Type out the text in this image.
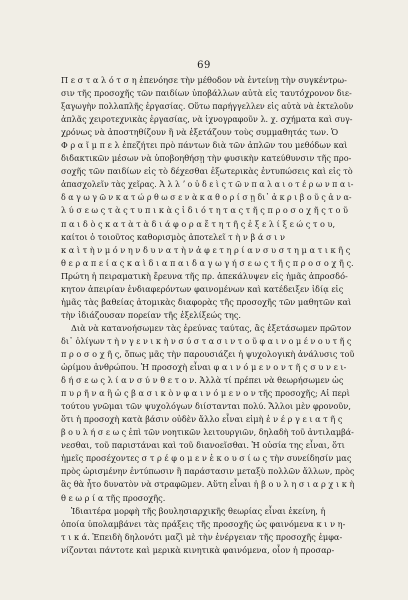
69
Π ε σ τ α λ ό τ σ η ἐπενόησε τὴν μέθοδον νὰ ἐντείνῃ τὴν συγκέντρω-
σιν τῆς προσοχῆς τῶν παιδίων ὑποβάλλων αὐτὰ εἰς ταυτόχρονον διε-
ξαγωγὴν πολλαπλῆς ἐργασίας. Οὕτω παρήγγελλεν εἰς αὐτὰ νὰ ἐκτελοῦν
ἁπλᾶς χειροτεχνικὰς ἐργασίας, νὰ ἰχνογραφοῦν λ. χ. σχήματα καὶ συγ-
χρόνως νὰ ἀποστηθίζουν ἢ νὰ ἐξετάζουν τοὺς συμμαθητάς των. Ὁ
Φ ρ α ῖ μ π ε λ ἐπεζήτει πρὸ πάντων διὰ τῶν ἁπλῶν του μεθόδων καὶ
διδακτικῶν μέσων νὰ ὑποβοηθήσῃ τὴν φυσικὴν κατεύθυνσιν τῆς προ-
σοχῆς τῶν παιδίων εἰς τὸ δέχεσθαι ἐξωτερικὰς ἐντυπώσεις καὶ εἰς τὸ
ἀπασχολεῖν τὰς χεῖρας. Ἀ λ λ ʼ ο ὐ δ ε ὶ ς τ ῶ ν π α λ α ι ο τ έ ρ ω ν π α ι-
δ α γ ω γ ῶ ν κ α τ ώ ρ θ ω σ ε ν ὰ κ α θ ο ρ ί σ ῃ δι᾽ ἀ κ ρ ι β ο ῦ ς ἀ ν α-
λ ύ σ ε ω ς τ ὰ ς τ υ π ι κ ὰ ς ἰ δ ι ό τ η τ α ς τ ῆ ς π ρ ο σ ο χ ῆ ς τ ο ῦ
π α ι δ ὸ ς κ α τ ὰ τ ὰ δ ι ά φ ο ρ α ἔ τ η τ ῆ ς ἐ ξ ε λ ί ξ ε ώ ς τ ο υ,
καίτοι ὁ τοιοῦτος καθορισμὸς ἀποτελεῖ τ ὴ ν β ά σ ι ν
κ α ὶ τ ὴ ν μ ό ν η ν δ υ ν α τ ὴ ν ἀ φ ε τ η ρ ί α ν σ υ σ τ η μ α τ ι κ ῆ ς
θ ε ρ α π ε ί α ς κ α ὶ δ ι α π α ι δ α γ ω γ ή σ ε ω ς τ ῆ ς π ρ ο σ ο χ ῆ ς.
Πρώτη ἡ πειραματικὴ ἔρευνα τῆς πρ. ἀπεκάλυψεν εἰς ἡμᾶς ἀπροσδό-
κητον ἀπειρίαν ἐνδιαφερόντων φαινομένων καὶ κατέδειξεν ἰδίᾳ εἰς
ἡμᾶς τὰς βαθείας ἀτομικὰς διαφορὰς τῆς προσοχῆς τῶν μαθητῶν καὶ
τὴν ἰδιάζουσαν πορείαν τῆς ἐξελίξεώς της.
Διὰ νὰ κατανοήσωμεν τὰς ἐρεύνας ταύτας, ἂς ἐξετάσωμεν πρῶτον
δι᾽ ὀλίγων τ ὴ ν γ ε ν ι κ ὴ ν σ ύ σ τ α σ ι ν τ ο ῦ φ α ι ν ο μ έ ν ο υ τ ῆ ς
π ρ ο σ ο χ ῆ ς, ὅπως μᾶς τὴν παρουσιάζει ἡ ψυχολογικὴ ἀνάλυσις τοῦ
ὡρίμου ἀνθρώπου. Ἡ προσοχὴ εἶναι φ α ι ν ό μ ε ν ο ν τ ῆ ς σ υ ν ε ι-
δ ή σ ε ω ς λ ί α ν σ ύ ν θ ε τ ο ν. Ἀλλὰ τί πρέπει νὰ θεωρήσωμεν ὡς
π υ ρ ῆ ν α ἢ ὡ ς β α σ ι κ ὸ ν φ α ι ν ό μ ε ν ο ν τῆς προσοχῆς; Αἱ περὶ
τούτου γνῶμαι τῶν ψυχολόγων διίστανται πολύ. Ἄλλοι μὲν φρονοῦν,
ὅτι ἡ προσοχὴ κατὰ βάσιν οὐδὲν ἄλλο εἶναι εἰμὴ ἐ ν έ ρ γ ε ι α τ ῆ ς
β ο υ λ ή σ ε ω ς ἐπὶ τῶν νοητικῶν λειτουργιῶν, δηλαδὴ τοῦ ἀντιλαμβά-
νεσθαι, τοῦ παριστάναι καὶ τοῦ διανοεῖσθαι. Ἡ οὐσία της εἶναι, ὅτι
ἡμεῖς προσέχοντες σ τ ρ έ φ ο μ ε ν ἑ κ ο υ σ ί ω ς τὴν συνείδησίν μας
πρὸς ὡρισμένην ἐντύπωσιν ἢ παράστασιν μεταξὺ πολλῶν ἄλλων, πρὸς
ἃς θὰ ἦτο δυνατὸν νὰ στραφῶμεν. Αὕτη εἶναι ἡ β ο υ λ η σ ι α ρ χ ι κ ὴ
θ ε ω ρ ί α τῆς προσοχῆς.
Ἰδιαιτέρα μορφὴ τῆς βουλησιαρχικῆς θεωρίας εἶναι ἐκείνη, ἡ
ὁποία ὑπολαμβάνει τὰς πράξεις τῆς προσοχῆς ὡς φαινόμενα κ ι ν η-
τ ι κ ά. Ἐπειδὴ δηλονότι μαζὶ μὲ τὴν ἐνέργειαν τῆς προσοχῆς ἐμφα-
νίζονται πάντοτε καὶ μερικὰ κινητικὰ φαινόμενα, οἷον ἡ προσαρ-
